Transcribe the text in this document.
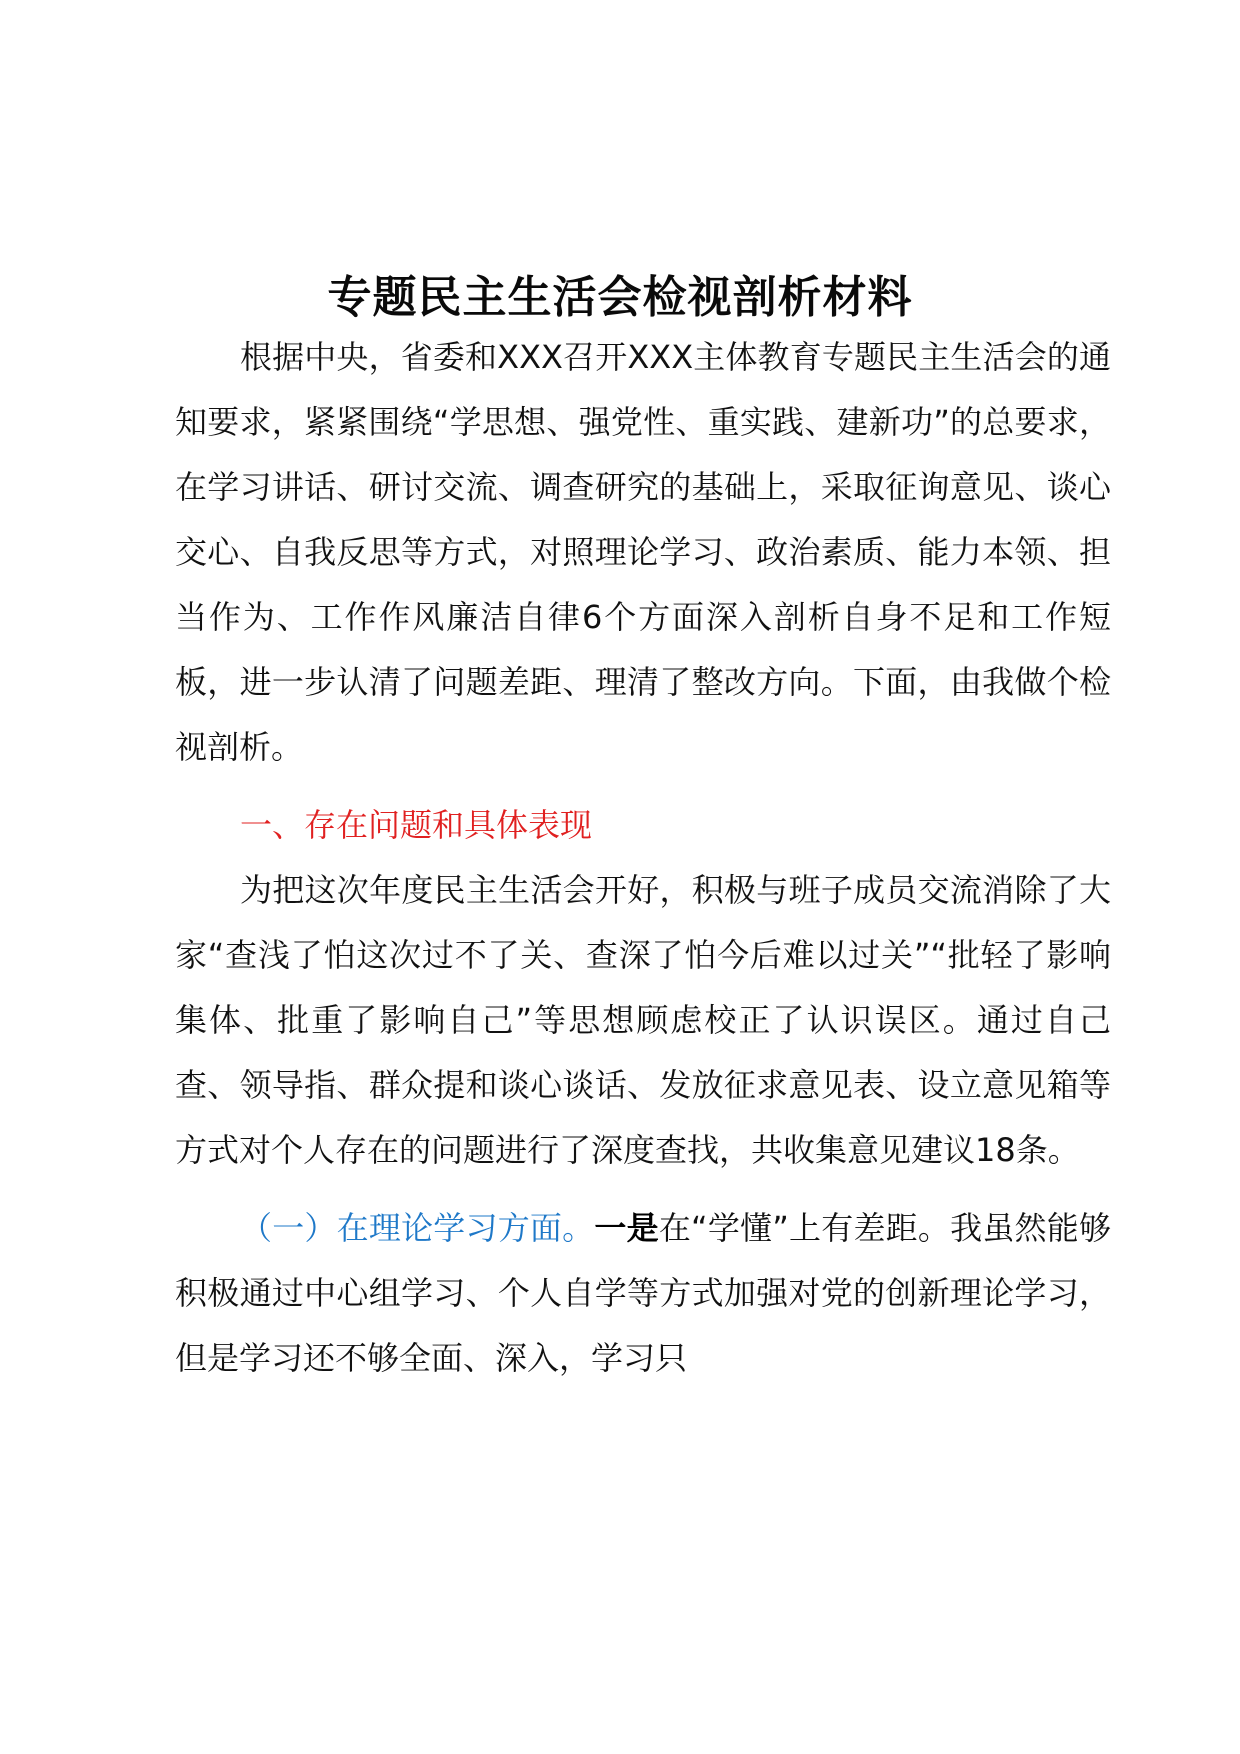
专题民主生活会检视剖析材料

根据中央，省委和XXX召开XXX主体教育专题民主生活会的通知要求，紧紧围绕“学思想、强党性、重实践、建新功”的总要求，在学习讲话、研讨交流、调查研究的基础上，采取征询意见、谈心交心、自我反思等方式，对照理论学习、政治素质、能力本领、担当作为、工作作风廉洁自律6个方面深入剖析自身不足和工作短板，进一步认清了问题差距、理清了整改方向。下面，由我做个检视剖析。

一、存在问题和具体表现

为把这次年度民主生活会开好，积极与班子成员交流消除了大家“查浅了怕这次过不了关、查深了怕今后难以过关”“批轻了影响集体、批重了影响自己”等思想顾虑校正了认识误区。通过自己查、领导指、群众提和谈心谈话、发放征求意见表、设立意见箱等方式对个人存在的问题进行了深度查找，共收集意见建议18条。

（一）在理论学习方面。一是在“学懂”上有差距。我虽然能够积极通过中心组学习、个人自学等方式加强对党的创新理论学习，但是学习还不够全面、深入，学习只
